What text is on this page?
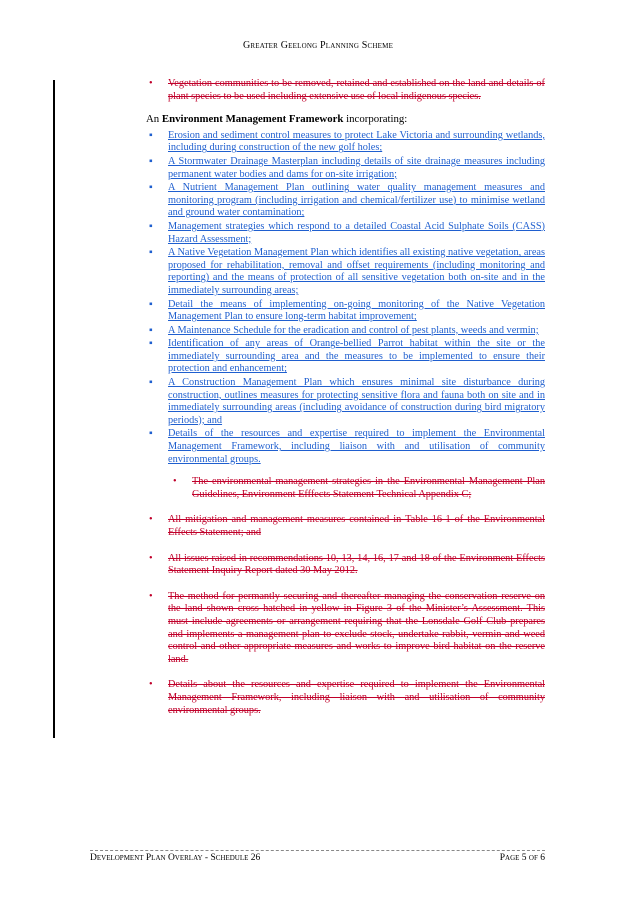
Greater Geelong Planning Scheme
• Vegetation communities to be removed, retained and established on the land and details of plant species to be used including extensive use of local indigenous species.
An Environment Management Framework incorporating:
▪ Erosion and sediment control measures to protect Lake Victoria and surrounding wetlands, including during construction of the new golf holes;
▪ A Stormwater Drainage Masterplan including details of site drainage measures including permanent water bodies and dams for on-site irrigation;
▪ A Nutrient Management Plan outlining water quality management measures and monitoring program (including irrigation and chemical/fertilizer use) to minimise wetland and ground water contamination;
▪ Management strategies which respond to a detailed Coastal Acid Sulphate Soils (CASS) Hazard Assessment;
▪ A Native Vegetation Management Plan which identifies all existing native vegetation, areas proposed for rehabilitation, removal and offset requirements (including monitoring and reporting) and the means of protection of all sensitive vegetation both on-site and in the immediately surrounding areas;
▪ Detail the means of implementing on-going monitoring of the Native Vegetation Management Plan to ensure long-term habitat improvement;
▪ A Maintenance Schedule for the eradication and control of pest plants, weeds and vermin;
▪ Identification of any areas of Orange-bellied Parrot habitat within the site or the immediately surrounding area and the measures to be implemented to ensure their protection and enhancement;
▪ A Construction Management Plan which ensures minimal site disturbance during construction, outlines measures for protecting sensitive flora and fauna both on site and in immediately surrounding areas (including avoidance of construction during bird migratory periods); and
▪ Details of the resources and expertise required to implement the Environmental Management Framework, including liaison with and utilisation of community environmental groups.
• The environmental management strategies in the Environmental Management Plan Guidelines, Environment Efffects Statement Technical Appendix C;
• All mitigation and management measures contained in Table 16-1 of the Environmental Effects Statement; and
• All issues raised in recommendations 10, 13, 14, 16, 17 and 18 of the Environment Effects Statement Inquiry Report dated 30 May 2012.
• The method for permantly securing and thereafter managing the conservation reserve on the land shown cross hatched in yellow in Figure 3 of the Minister’s Assessment. This must include agreements or arrangement requiring that the Lonsdale Golf Club prepares and implements a management plan to exclude stock, undertake rabbit, vermin and weed control and other appropriate measures and works to improve bird habitat on the reserve land.
• Details about the resources and expertise required to implement the Environmental Management Framework, including liaison with and utilisation of community environmental groups.
Development Plan Overlay - Schedule 26	Page 5 of 6
